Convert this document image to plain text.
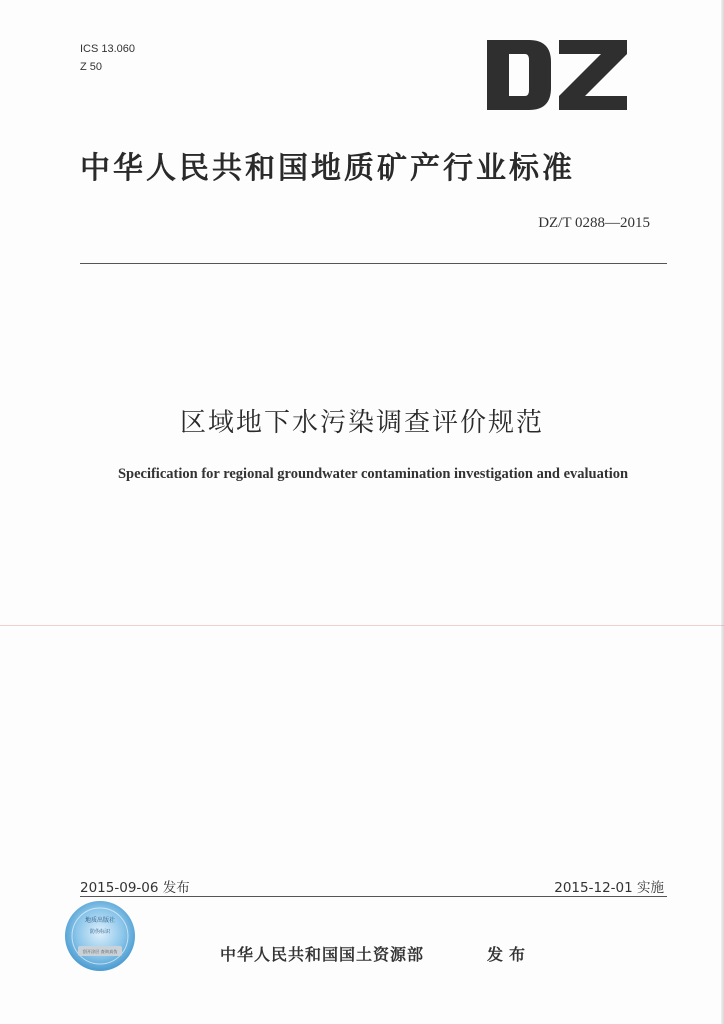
ICS 13.060
Z 50
中华人民共和国地质矿产行业标准
DZ/T 0288—2015
区域地下水污染调查评价规范
Specification for regional groundwater contamination investigation and evaluation
2015-09-06 发布	2015-12-01 实施
地质出版社
防伪标识
刮开涂层 查询真伪	中华人民共和国国土资源部	发布
